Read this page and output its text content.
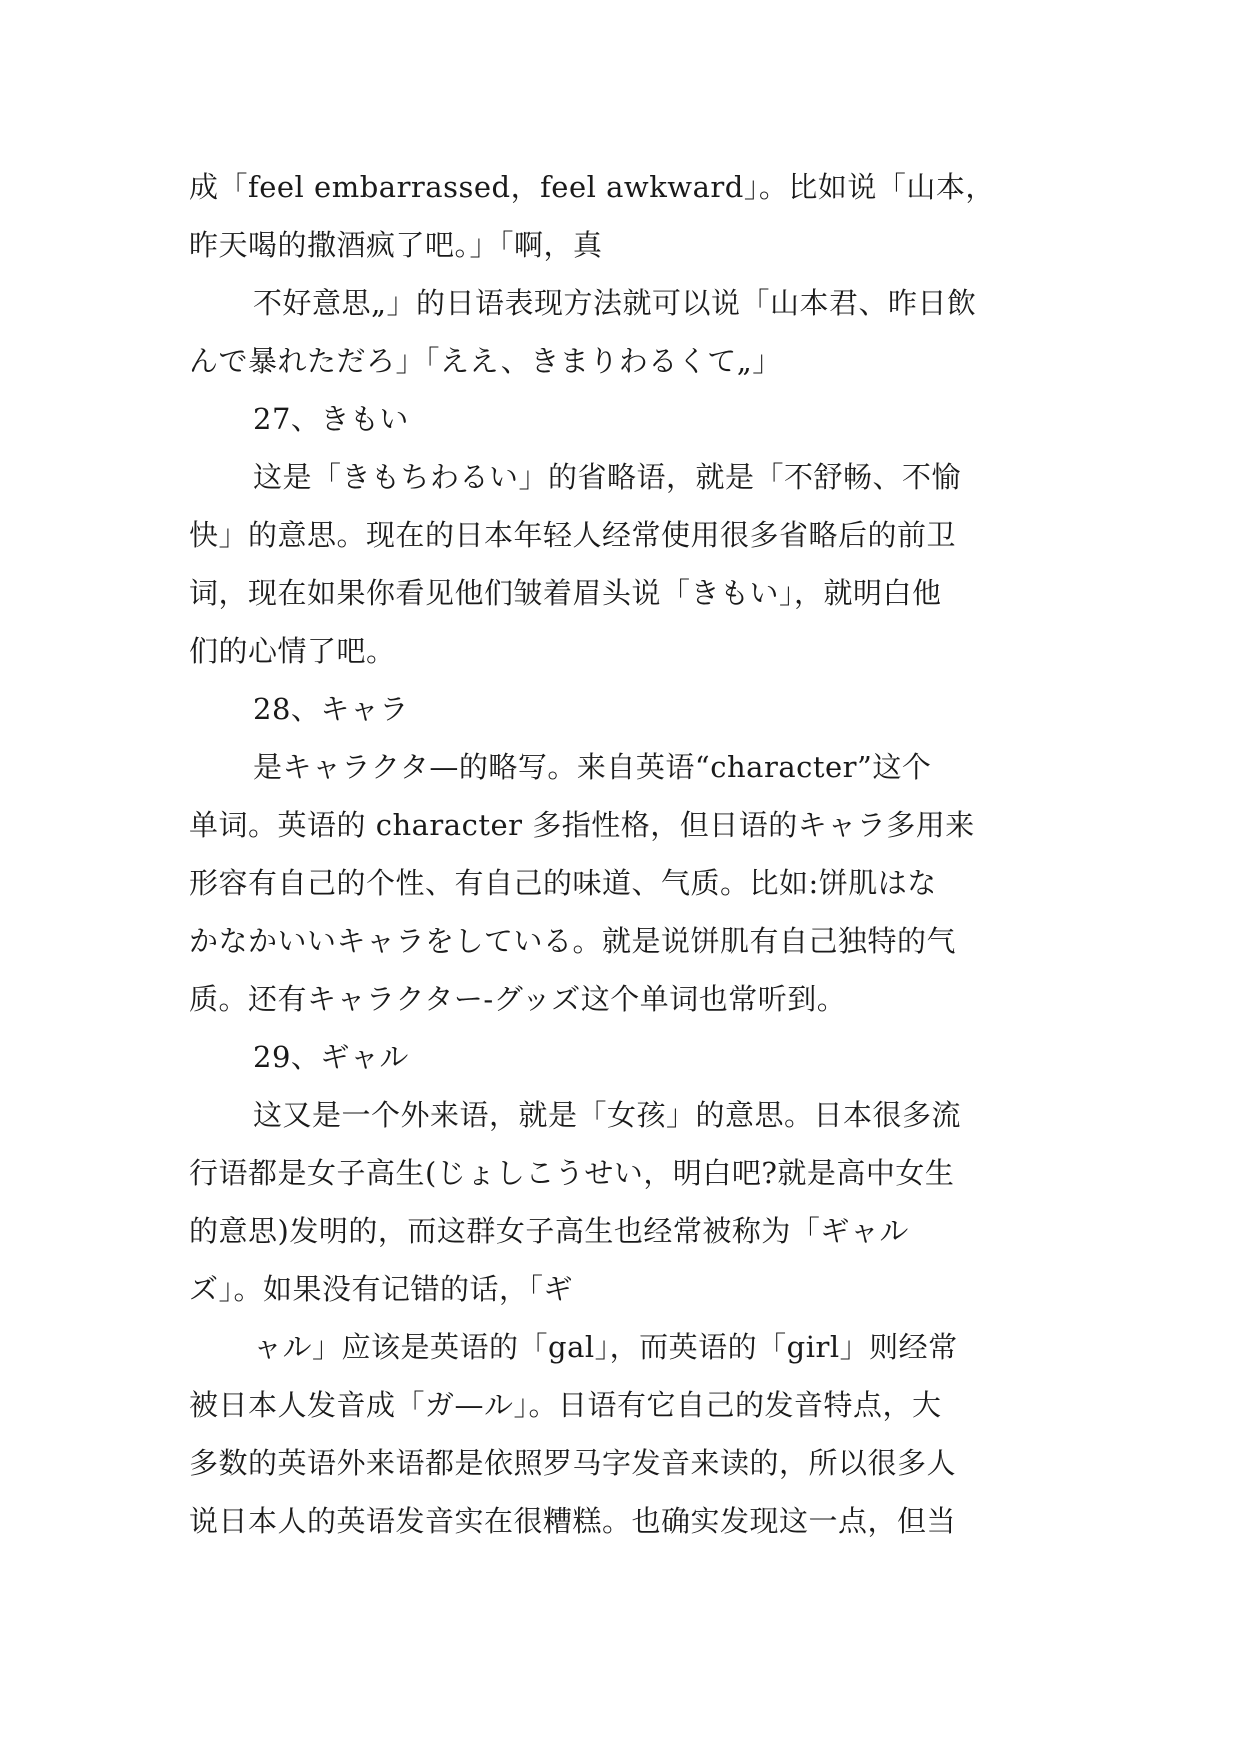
成「feel embarrassed，feel awkward」。比如说「山本，
昨天喝的撒酒疯了吧。」「啊，真
不好意思„」的日语表现方法就可以说「山本君、昨日飲
んで暴れただろ」「ええ、きまりわるくて„」
27、きもい
这是「きもちわるい」的省略语，就是「不舒畅、不愉
快」的意思。现在的日本年轻人经常使用很多省略后的前卫
词，现在如果你看见他们皱着眉头说「きもい」，就明白他
们的心情了吧。
28、キャラ
是キャラクタ—的略写。来自英语“character”这个
单词。英语的 character 多指性格，但日语的キャラ多用来
形容有自己的个性、有自己的味道、气质。比如:饼肌はな
かなかいいキャラをしている。就是说饼肌有自己独特的气
质。还有キャラクター-グッズ这个单词也常听到。
29、ギャル
这又是一个外来语，就是「女孩」的意思。日本很多流
行语都是女子高生(じょしこうせい，明白吧?就是高中女生
的意思)发明的，而这群女子高生也经常被称为「ギャル
ズ」。如果没有记错的话，「ギ
ャル」应该是英语的「gal」，而英语的「girl」则经常
被日本人发音成「ガ—ル」。日语有它自己的发音特点，大
多数的英语外来语都是依照罗马字发音来读的，所以很多人
说日本人的英语发音实在很糟糕。也确实发现这一点，但当
